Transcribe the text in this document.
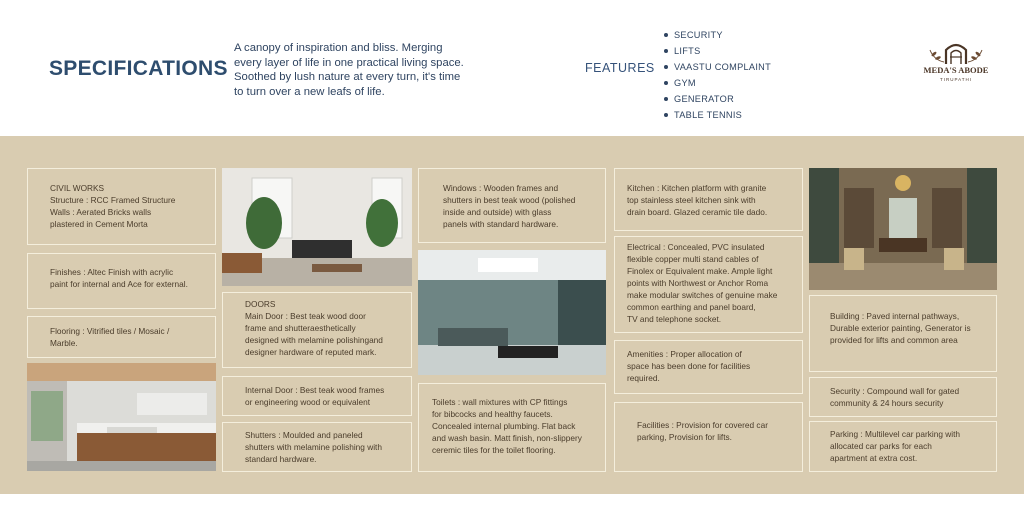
SPECIFICATIONS
A canopy of inspiration and bliss. Merging
every layer of life in one practical living space.
Soothed by lush nature at every turn, it's time
to turn over a new leafs of life.
FEATURES
SECURITY
LIFTS
VAASTU COMPLAINT
GYM
GENERATOR
TABLE TENNIS
MEDA'S ABODE
TIRUPATHI
CIVIL WORKS
Structure : RCC Framed Structure
Walls : Aerated Bricks walls
plastered in Cement Morta
Finishes : Altec Finish with acrylic
paint for internal and Ace for external.
Flooring : Vitrified tiles / Mosaic /
Marble.
DOORS
Main Door : Best teak wood door
frame and shutteraesthetically
designed with melamine polishingand
designer hardware of reputed mark.
Internal Door : Best teak wood frames
or engineering wood or equivalent
Shutters : Moulded and paneled
shutters with melamine polishing with
standard hardware.
Windows : Wooden frames and
shutters in best teak wood (polished
inside and outside) with glass
panels with standard hardware.
Toilets : wall mixtures with CP fittings
for bibcocks and healthy faucets.
Concealed internal plumbing. Flat back
and wash basin. Matt finish, non-slippery
ceremic tiles for the toilet flooring.
Kitchen : Kitchen platform with granite
top stainless steel kitchen sink with
drain board. Glazed ceramic tile dado.
Electrical : Concealed, PVC insulated
flexible copper multi stand cables of
Finolex or Equivalent make. Ample light
points with Northwest or Anchor Roma
make modular switches of genuine make
common earthing and panel board,
TV and telephone socket.
Amenities : Proper allocation of
space has been done for facilities
required.
Facilities : Provision for covered car
parking, Provision for lifts.
Building : Paved internal pathways,
Durable exterior painting, Generator is
provided for lifts and common area
Security : Compound wall for gated
community & 24 hours security
Parking : Multilevel car parking with
allocated car parks for each
apartment at extra cost.
